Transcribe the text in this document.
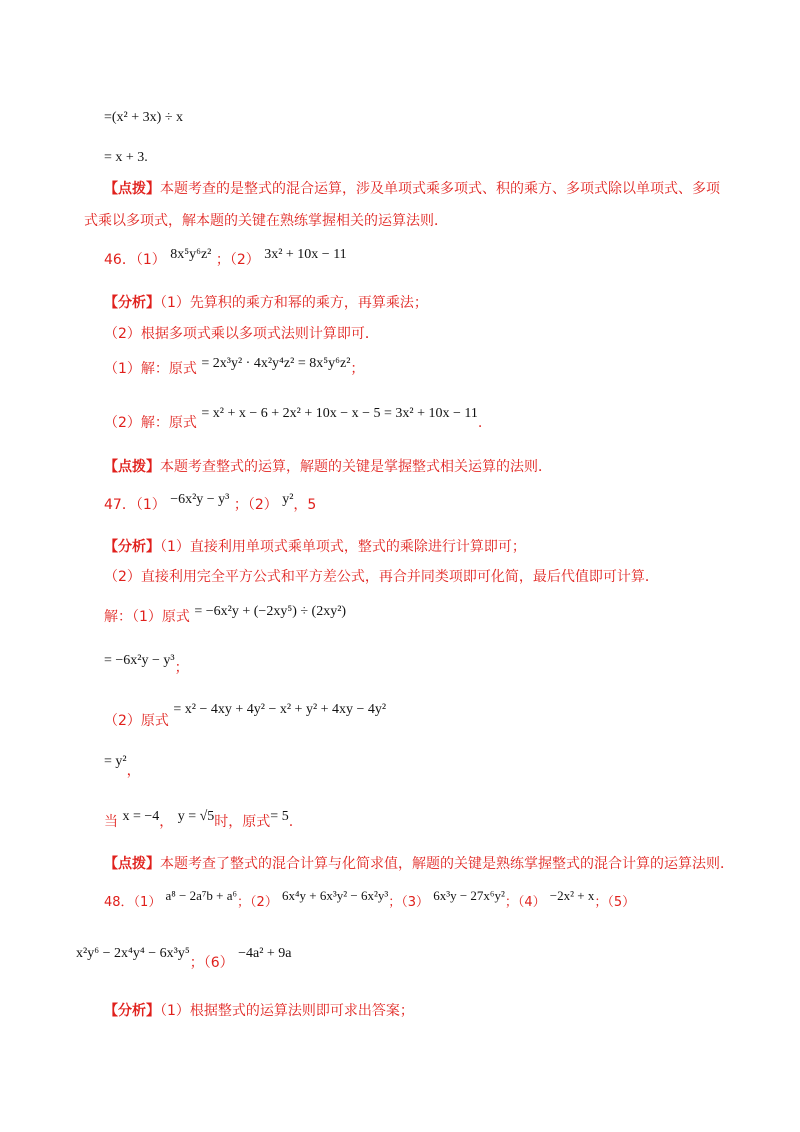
=(x² + 3x) ÷ x
= x + 3.
【点拨】本题考查的是整式的混合运算，涉及单项式乘多项式、积的乘方、多项式除以单项式、多项
式乘以多项式，解本题的关键在熟练掌握相关的运算法则．
46．（1） 8x⁵y⁶z² ；（2） 3x² + 10x − 11
【分析】（1）先算积的乘方和幂的乘方，再算乘法；
（2）根据多项式乘以多项式法则计算即可．
（1）解：原式 = 2x³y² · 4x²y⁴z² = 8x⁵y⁶z²；
（2）解：原式 = x² + x − 6 + 2x² + 10x − x − 5 = 3x² + 10x − 11.
【点拨】本题考查整式的运算，解题的关键是掌握整式相关运算的法则．
47．（1） −6x²y − y³ ；（2） y²，5
【分析】（1）直接利用单项式乘单项式，整式的乘除进行计算即可；
（2）直接利用完全平方公式和平方差公式，再合并同类项即可化简，最后代值即可计算．
解：（1）原式 = −6x²y + (−2xy⁵) ÷ (2xy²)
= −6x²y − y³；
（2）原式 = x² − 4xy + 4y² − x² + y² + 4xy − 4y²
= y²，
当 x = −4， y = √5时，原式= 5.
【点拨】本题考查了整式的混合计算与化简求值，解题的关键是熟练掌握整式的混合计算的运算法则．
48．（1） a⁸ − 2a⁷b + a⁶；（2） 6x⁴y + 6x³y² − 6x²y³；（3） 6x³y − 27x⁶y²；（4） −2x² + x；（5）
x²y⁶ − 2x⁴y⁴ − 6x³y⁵；（6） −4a² + 9a
【分析】（1）根据整式的运算法则即可求出答案；
